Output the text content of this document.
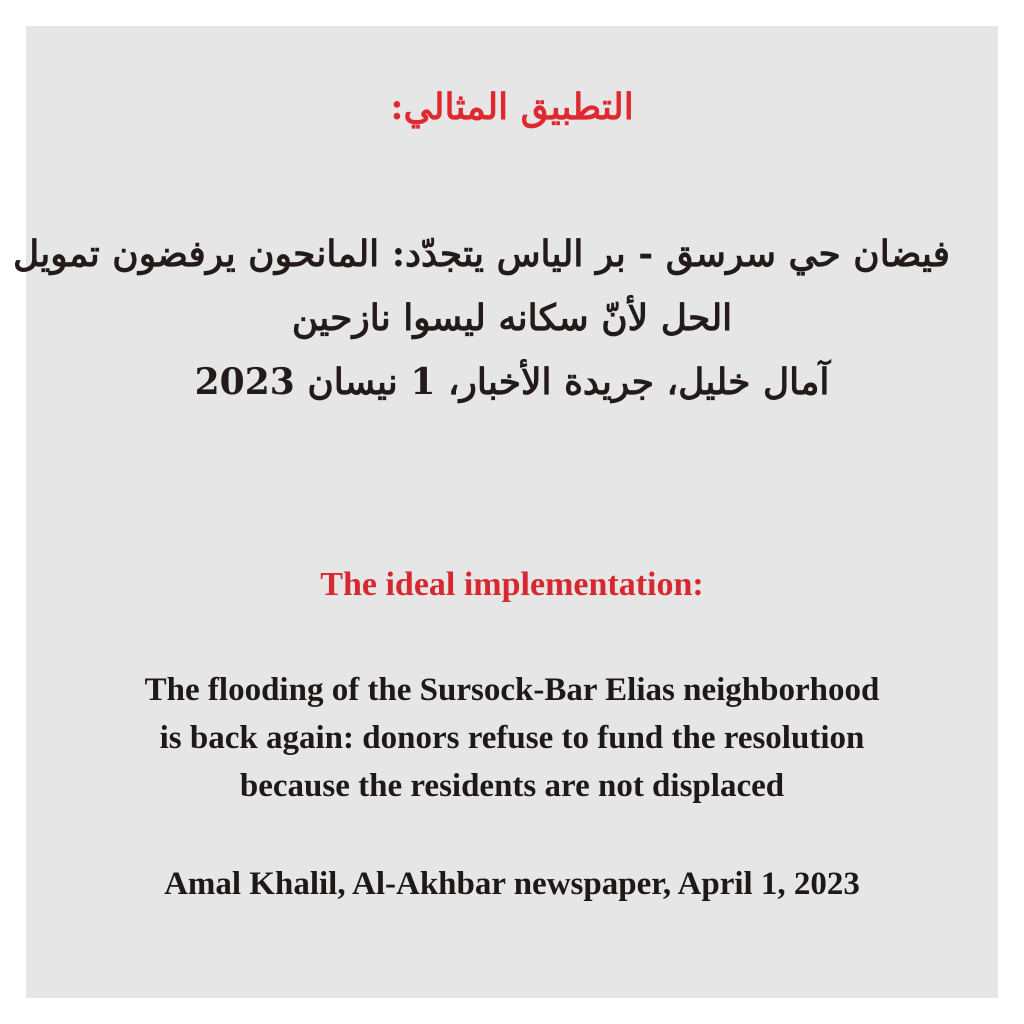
التطبيق المثالي:
فيضان حي سرسق - بر الياس يتجدّد: المانحون يرفضون تمويل
الحل لأنّ سكانه ليسوا نازحين
آمال خليل، جريدة الأخبار، 1 نيسان 2023
The ideal implementation:
The flooding of the Sursock-Bar Elias neighborhood
is back again: donors refuse to fund the resolution
because the residents are not displaced
Amal Khalil, Al-Akhbar newspaper, April 1, 2023
